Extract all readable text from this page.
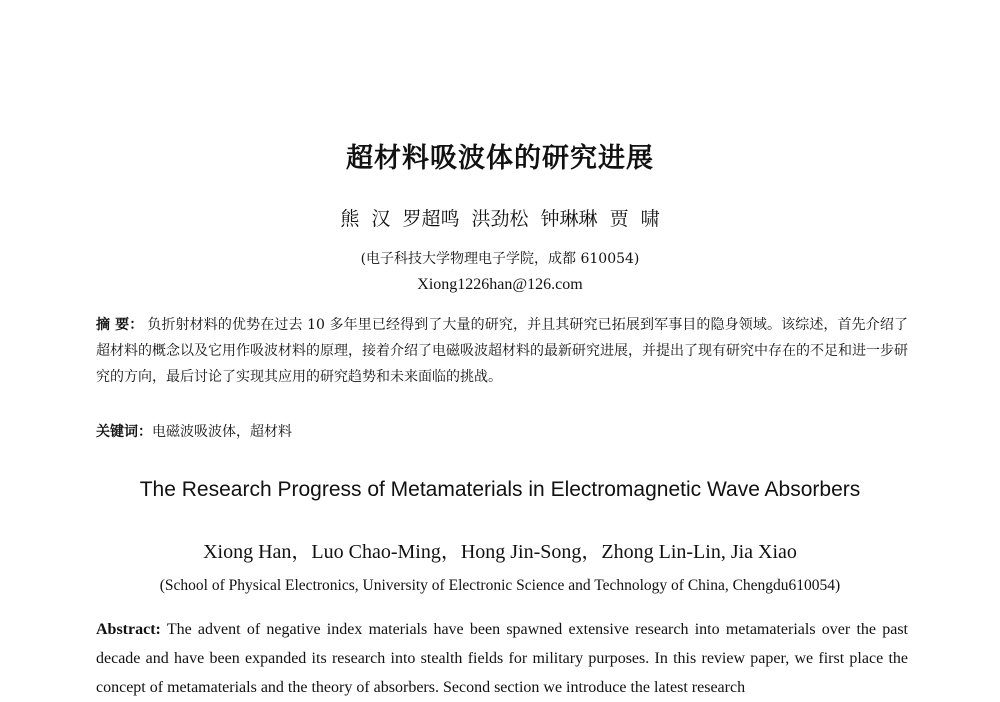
超材料吸波体的研究进展
熊 汉 罗超鸣 洪劲松 钟琳琳 贾 啸
(电子科技大学物理电子学院，成都 610054)
Xiong1226han@126.com
摘 要： 负折射材料的优势在过去 10 多年里已经得到了大量的研究，并且其研究已拓展到军事目的隐身领域。该综述，首先介绍了超材料的概念以及它用作吸波材料的原理，接着介绍了电磁吸波超材料的最新研究进展，并提出了现有研究中存在的不足和进一步研究的方向，最后讨论了实现其应用的研究趋势和未来面临的挑战。
关键词：电磁波吸波体，超材料
The Research Progress of Metamaterials in Electromagnetic Wave Absorbers
Xiong Han，Luo Chao-Ming，Hong Jin-Song，Zhong Lin-Lin, Jia Xiao
(School of Physical Electronics, University of Electronic Science and Technology of China, Chengdu610054)
Abstract: The advent of negative index materials have been spawned extensive research into metamaterials over the past decade and have been expanded its research into stealth fields for military purposes. In this review paper, we first place the concept of metamaterials and the theory of absorbers. Second section we introduce the latest research
